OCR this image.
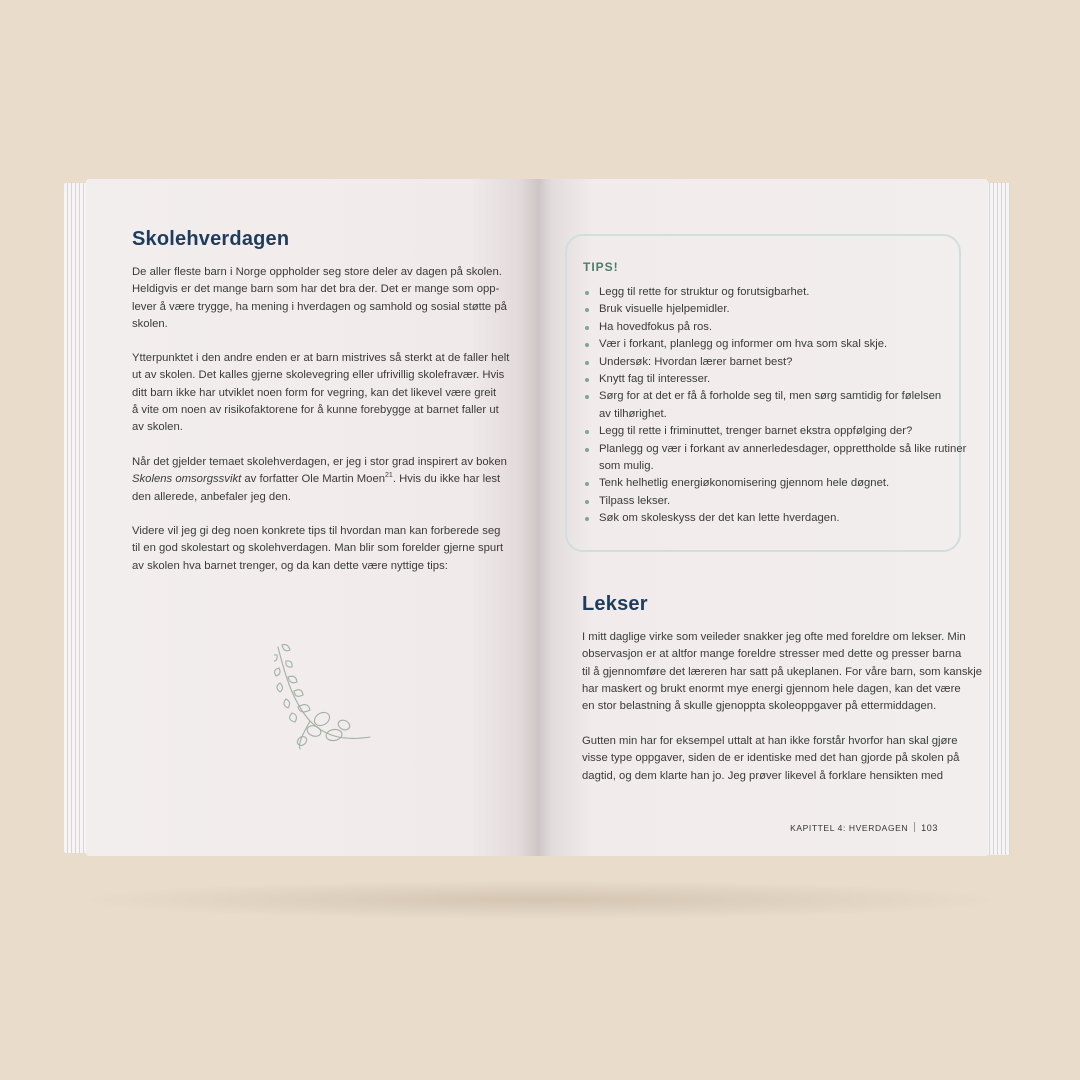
Skolehverdagen

De aller fleste barn i Norge oppholder seg store deler av dagen på skolen.
Heldigvis er det mange barn som har det bra der. Det er mange som opp-
lever å være trygge, ha mening i hverdagen og samhold og sosial støtte på
skolen.

Ytterpunktet i den andre enden er at barn mistrives så sterkt at de faller helt
ut av skolen. Det kalles gjerne skolevegring eller ufrivillig skolefravær. Hvis
ditt barn ikke har utviklet noen form for vegring, kan det likevel være greit
å vite om noen av risikofaktorene for å kunne forebygge at barnet faller ut
av skolen.

Når det gjelder temaet skolehverdagen, er jeg i stor grad inspirert av boken
Skolens omsorgssvikt av forfatter Ole Martin Moen$^{21}$. Hvis du ikke har lest
den allerede, anbefaler jeg den.

Videre vil jeg gi deg noen konkrete tips til hvordan man kan forberede seg
til en god skolestart og skolehverdagen. Man blir som forelder gjerne spurt
av skolen hva barnet trenger, og da kan dette være nyttige tips:

TIPS!

Legg til rette for struktur og forutsigbarhet.
Bruk visuelle hjelpemidler.
Ha hovedfokus på ros.
Vær i forkant, planlegg og informer om hva som skal skje.
Undersøk: Hvordan lærer barnet best?
Knytt fag til interesser.
Sørg for at det er få å forholde seg til, men sørg samtidig for følelsen
av tilhørighet.
Legg til rette i friminuttet, trenger barnet ekstra oppfølging der?
Planlegg og vær i forkant av annerledesdager, opprettholde så like rutiner
som mulig.
Tenk helhetlig energiøkonomisering gjennom hele døgnet.
Tilpass lekser.
Søk om skoleskyss der det kan lette hverdagen.
Lekser

I mitt daglige virke som veileder snakker jeg ofte med foreldre om lekser. Min
observasjon er at altfor mange foreldre stresser med dette og presser barna
til å gjennomføre det læreren har satt på ukeplanen. For våre barn, som kanskje
har maskert og brukt enormt mye energi gjennom hele dagen, kan det være
en stor belastning å skulle gjenoppta skoleoppgaver på ettermiddagen.

Gutten min har for eksempel uttalt at han ikke forstår hvorfor han skal gjøre
visse type oppgaver, siden de er identiske med det han gjorde på skolen på
dagtid, og dem klarte han jo. Jeg prøver likevel å forklare hensikten med

KAPITTEL 4: HVERDAGEN 103
